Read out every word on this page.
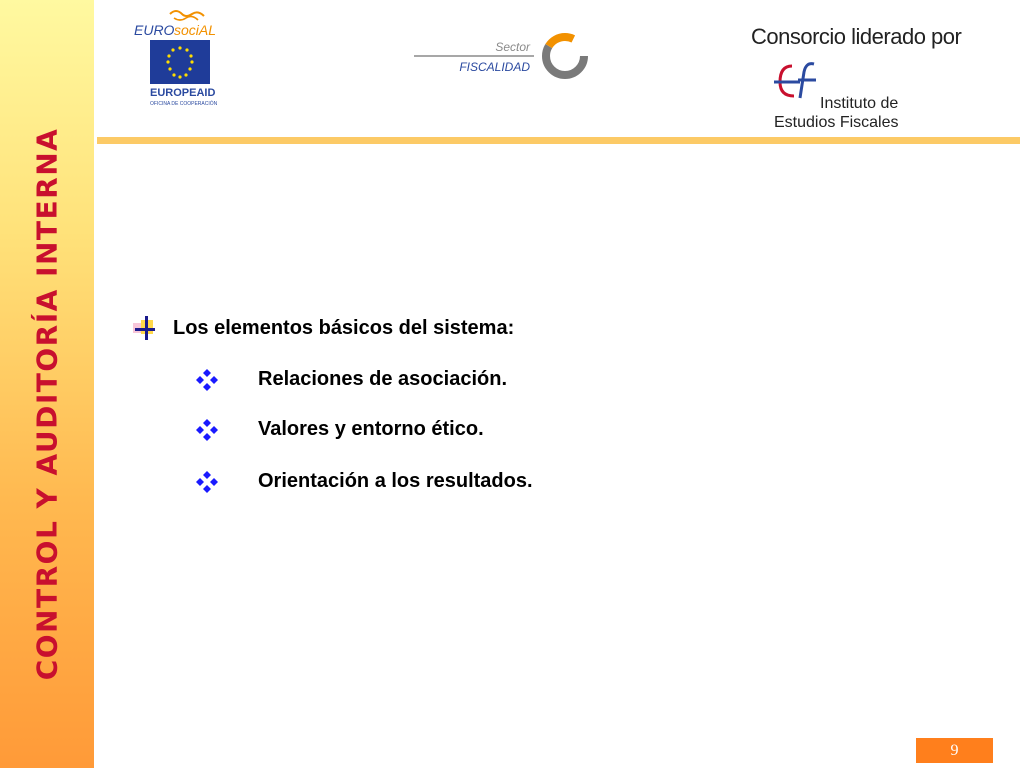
CONTROL Y AUDITORÍA INTERNA
EURO sociAL
EUROPEAID
OFICINA DE COOPERACIÓN
Sector
FISCALIDAD
Consorcio liderado por
Instituto de
Estudios Fiscales
Los elementos básicos del sistema:
Relaciones de asociación.
Valores y entorno ético.
Orientación a los resultados.
9
